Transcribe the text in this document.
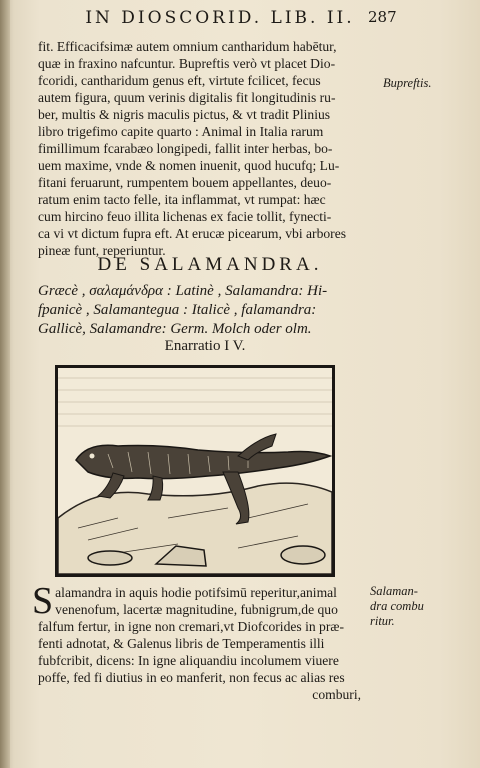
IN DIOSCORID. LIB. II. 287
fit. Efficacifsimæ autem omnium cantharidum habētur,
quæ in fraxino nafcuntur. Bupreftis verò vt placet Dio-
fcoridi, cantharidum genus eft, virtute fcilicet, fecus
autem figura, quum verinis digitalis fit longitudinis ru-
ber, multis & nigris maculis pictus, & vt tradit Plinius
libro trigefimo capite quarto : Animal in Italia rarum
fimillimum fcarabæo longipedi, fallit inter herbas, bo-
uem maxime, vnde & nomen inuenit, quod hucufq; Lu-
fitani feruarunt, rumpentem bouem appellantes, deuo-
ratum enim tacto felle, ita inflammat, vt rumpat: hæc
cum hircino feuo illita lichenas ex facie tollit, fynecti-
ca vi vt dictum fupra eft. At erucæ picearum, vbi arbores
pineæ funt, reperiuntur.
Bupreftis.
DE SALAMANDRA.
Græcè , σαλαμάνδρα : Latinè , Salamandra: Hi-
fpanicè , Salamantegua : Italicè , falamandra:
Gallicè, Salamandre: Germ. Molch oder olm.
Enarratio I V.
S alamandra in aquis hodie potifsimū reperitur,animal
venenofum, lacertæ magnitudine, fubnigrum,de quo
falfum fertur, in igne non cremari,vt Diofcorides in præ-
fenti adnotat, & Galenus libris de Temperamentis illi
fubfcribit, dicens: In igne aliquandiu incolumem viuere
poffe, fed fi diutius in eo manferit, non fecus ac alias res
comburi,
Salaman-
dra combu
ritur.
